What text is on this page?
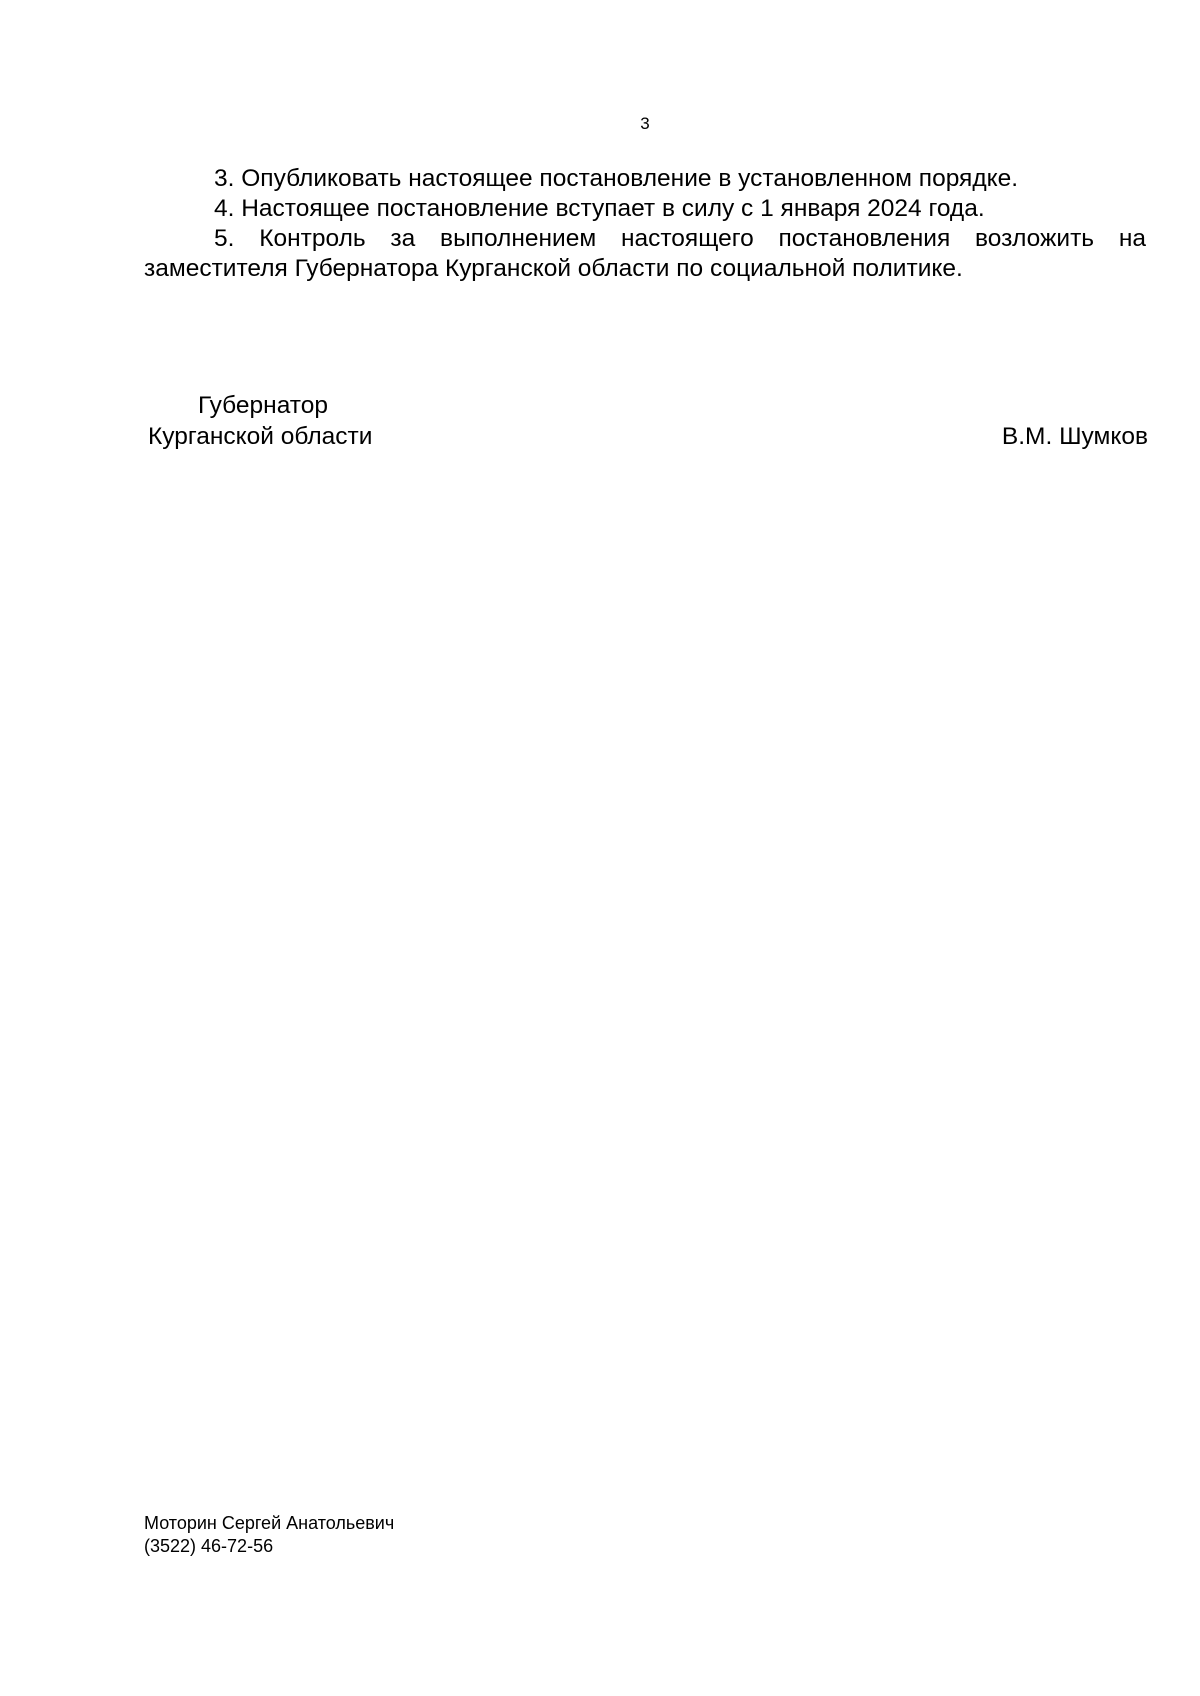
3

3. Опубликовать настоящее постановление в установленном порядке.

4. Настоящее постановление вступает в силу с 1 января 2024 года.

5. Контроль за выполнением настоящего постановления возложить на заместителя Губернатора Курганской области по социальной политике.

Губернатор
Курганской области	В.М. Шумков
Моторин Сергей Анатольевич
(3522) 46-72-56
